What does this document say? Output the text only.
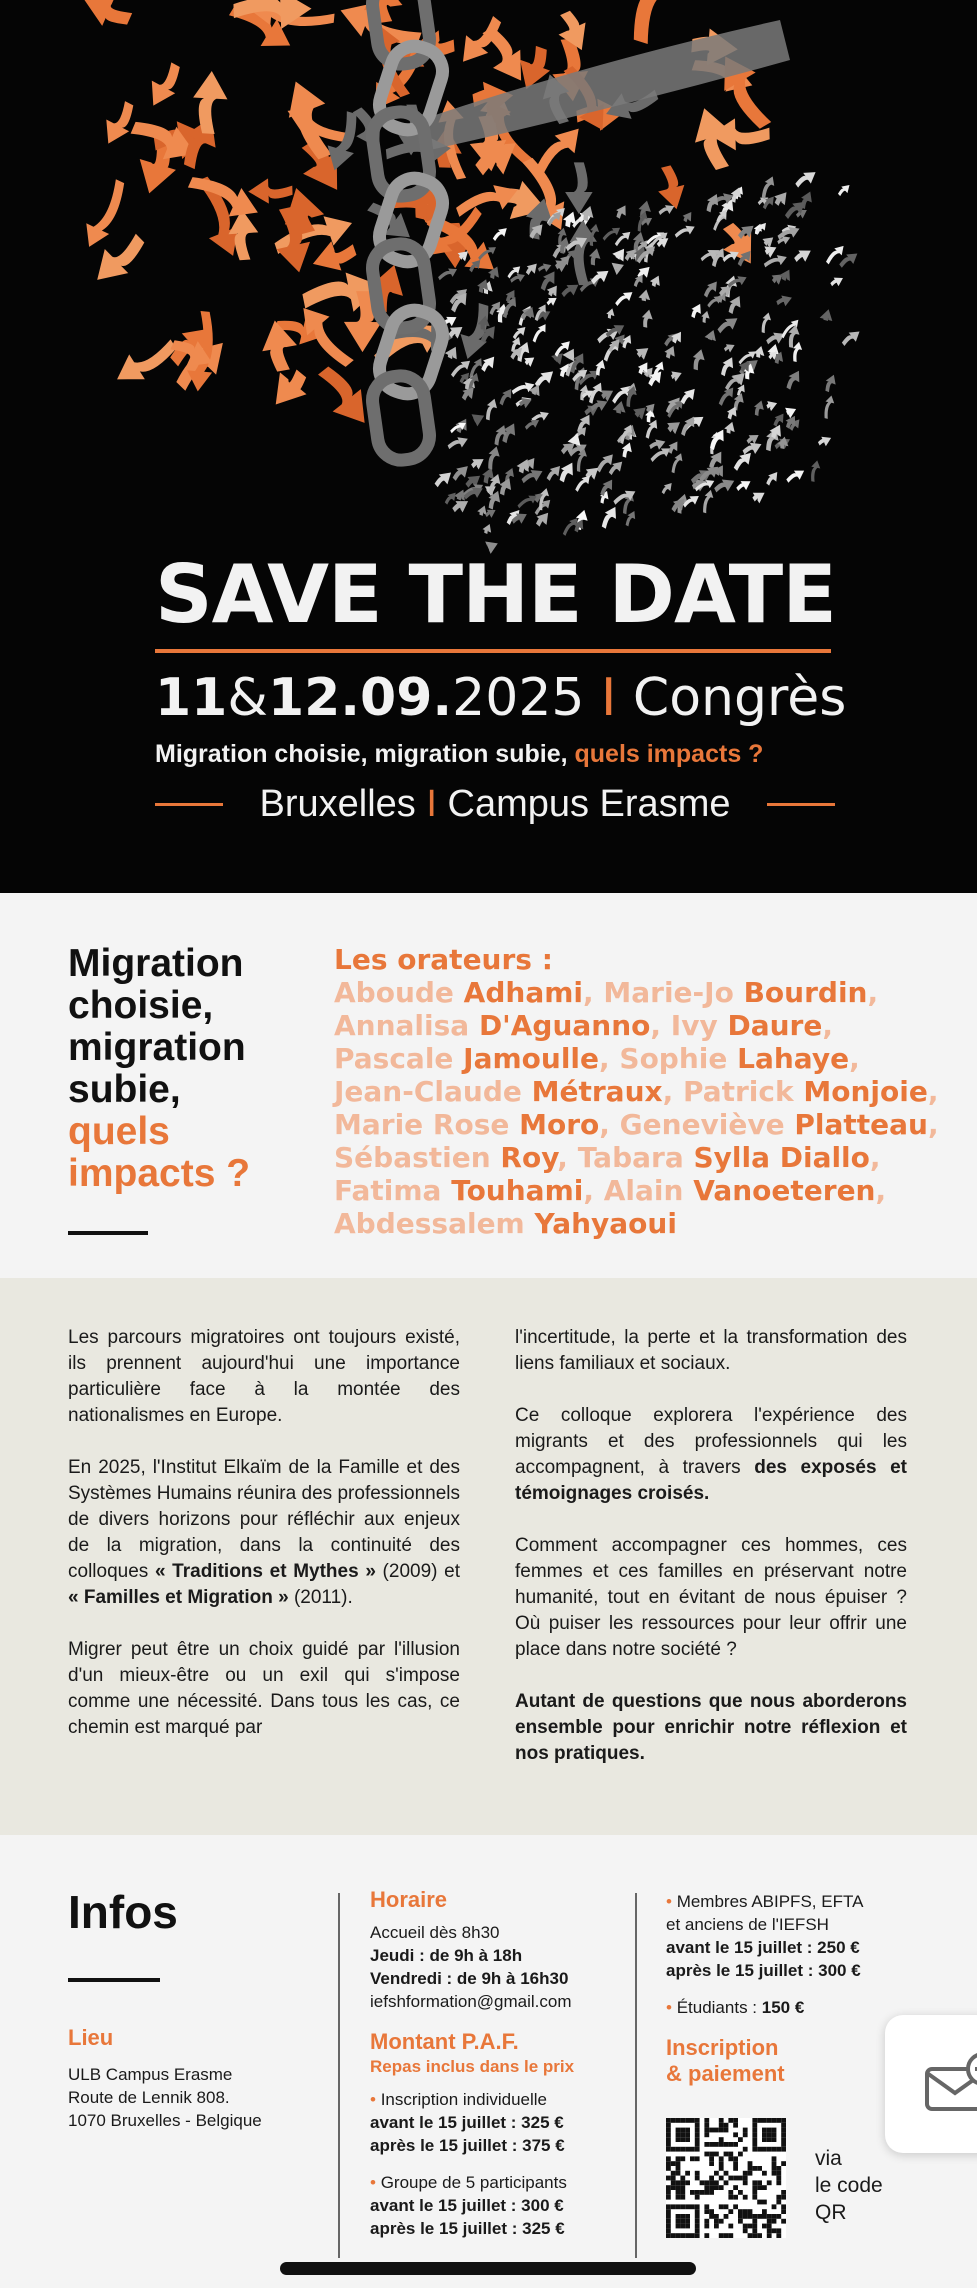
SAVE THE DATE
11&12.09.2025 I Congrès
Migration choisie, migration subie, quels impacts ?
Bruxelles I Campus Erasme
Migration
choisie,
migration
subie,
quels
impacts ?
Les orateurs :
Aboude Adhami, Marie-Jo Bourdin, Annalisa D'Aguanno, Ivy Daure, Pascale Jamoulle, Sophie Lahaye, Jean-Claude Métraux, Patrick Monjoie, Marie Rose Moro, Geneviève Platteau, Sébastien Roy, Tabara Sylla Diallo, Fatima Touhami, Alain Vanoeteren, Abdessalem Yahyaoui

Les parcours migratoires ont toujours existé, ils prennent aujourd'hui une importance particulière face à la montée des nationalismes en Europe.

En 2025, l'Institut Elkaïm de la Famille et des Systèmes Humains réunira des professionnels de divers horizons pour réfléchir aux enjeux de la migration, dans la continuité des colloques « Traditions et Mythes » (2009) et « Familles et Migration » (2011).

Migrer peut être un choix guidé par l'illusion d'un mieux-être ou un exil qui s'impose comme une nécessité. Dans tous les cas, ce chemin est marqué par

l'incertitude, la perte et la transformation des liens familiaux et sociaux.

Ce colloque explorera l'expérience des migrants et des professionnels qui les accompagnent, à travers des exposés et témoignages croisés.

Comment accompagner ces hommes, ces femmes et ces familles en préservant notre humanité, tout en évitant de nous épuiser ? Où puiser les ressources pour leur offrir une place dans notre société ?

Autant de questions que nous aborderons ensemble pour enrichir notre réflexion et nos pratiques.

Infos
Lieu
ULB Campus Erasme
Route de Lennik 808.
1070 Bruxelles - Belgique
Horaire
Accueil dès 8h30
Jeudi : de 9h à 18h
Vendredi : de 9h à 16h30
iefshformation@gmail.com
Montant P.A.F.
Repas inclus dans le prix
• Inscription individuelle
avant le 15 juillet : 325 €
après le 15 juillet : 375 €
• Groupe de 5 participants
avant le 15 juillet : 300 €
après le 15 juillet : 325 €
• Membres ABIPFS, EFTA
et anciens de l'IEFSH
avant le 15 juillet : 250 €
après le 15 juillet : 300 €
• Étudiants : 150 €
Inscription
& paiement
via
le code
QR
